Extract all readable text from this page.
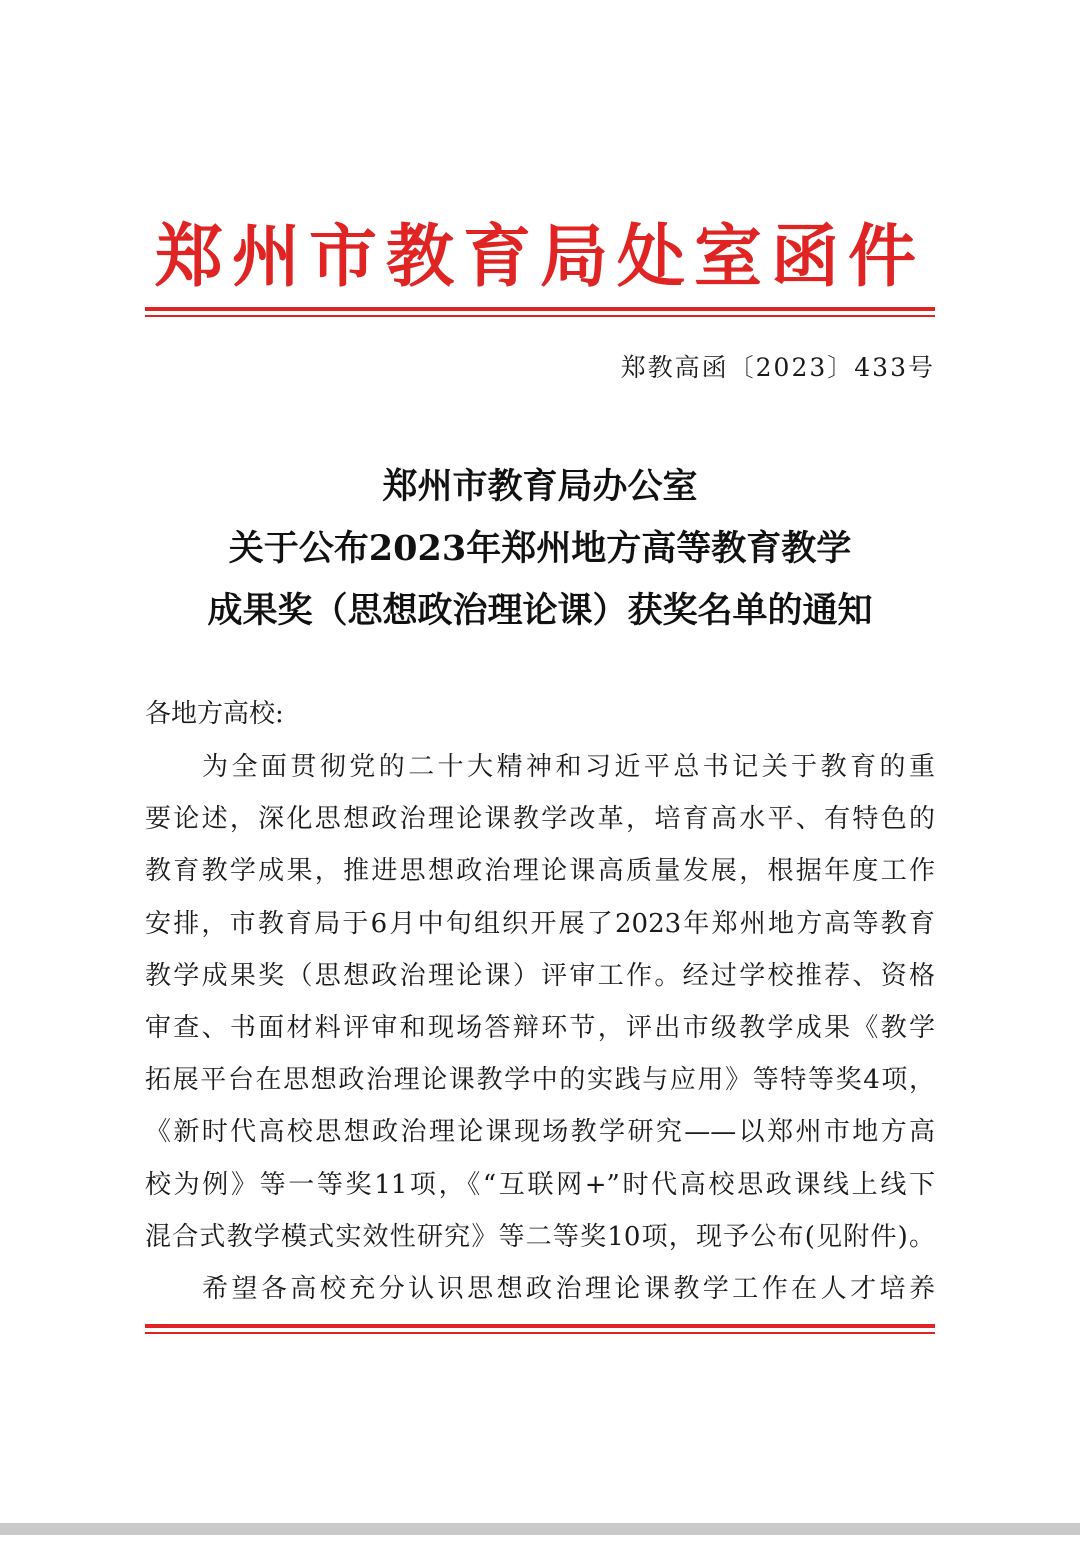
郑州市教育局处室函件
郑教高函〔2023〕433号
郑州市教育局办公室
关于公布2023年郑州地方高等教育教学
成果奖（思想政治理论课）获奖名单的通知
各地方高校:
为全面贯彻党的二十大精神和习近平总书记关于教育的重
要论述，深化思想政治理论课教学改革，培育高水平、有特色的
教育教学成果，推进思想政治理论课高质量发展，根据年度工作
安排，市教育局于6月中旬组织开展了2023年郑州地方高等教育
教学成果奖（思想政治理论课）评审工作。经过学校推荐、资格
审查、书面材料评审和现场答辩环节，评出市级教学成果《教学
拓展平台在思想政治理论课教学中的实践与应用》等特等奖4项，
《新时代高校思想政治理论课现场教学研究——以郑州市地方高
校为例》等一等奖11项，《“互联网+”时代高校思政课线上线下
混合式教学模式实效性研究》等二等奖10项，现予公布(见附件)。
希望各高校充分认识思想政治理论课教学工作在人才培养
